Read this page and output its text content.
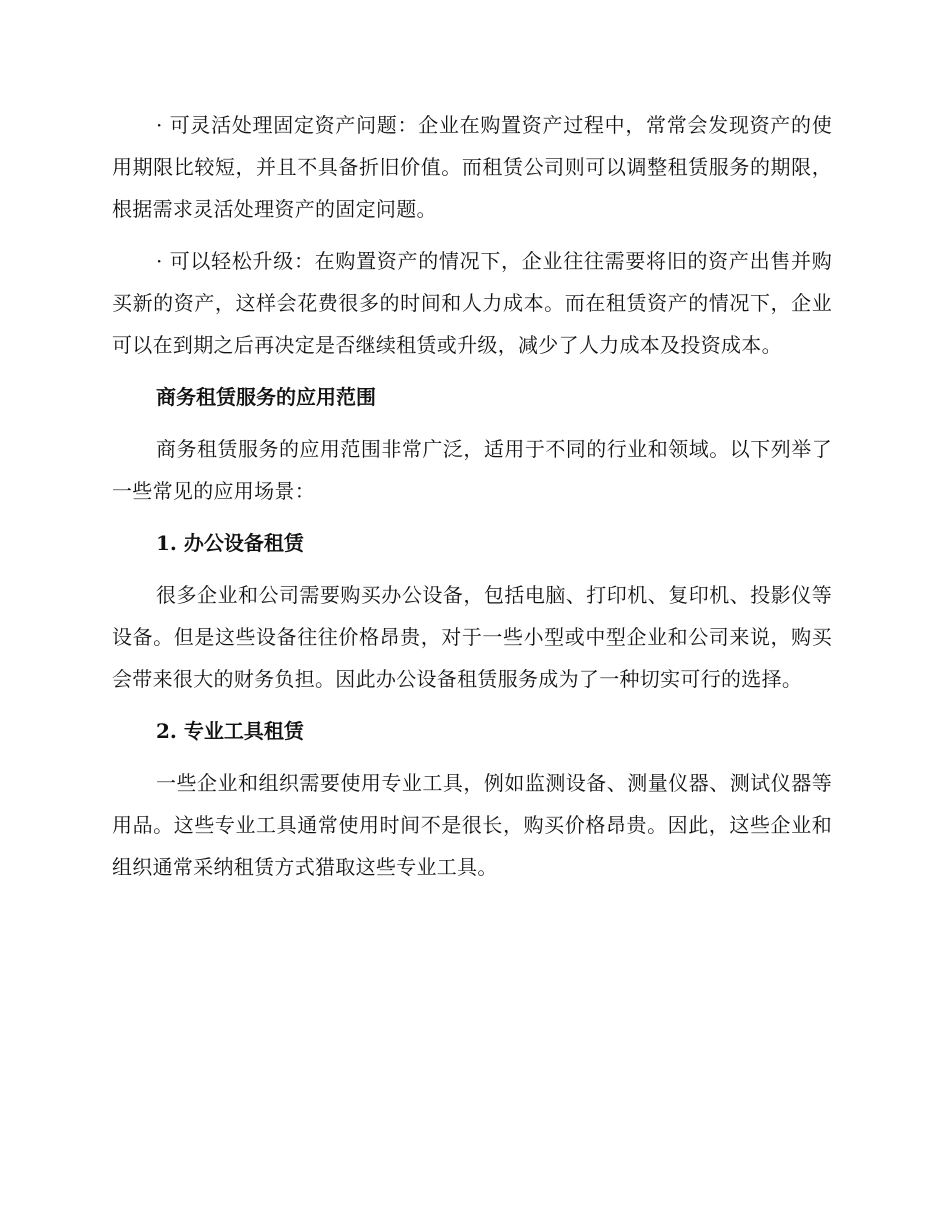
· 可灵活处理固定资产问题：企业在购置资产过程中，常常会发现资产的使用期限比较短，并且不具备折旧价值。而租赁公司则可以调整租赁服务的期限，根据需求灵活处理资产的固定问题。

· 可以轻松升级：在购置资产的情况下，企业往往需要将旧的资产出售并购买新的资产，这样会花费很多的时间和人力成本。而在租赁资产的情况下，企业可以在到期之后再决定是否继续租赁或升级，减少了人力成本及投资成本。

商务租赁服务的应用范围

商务租赁服务的应用范围非常广泛，适用于不同的行业和领域。以下列举了一些常见的应用场景：

1. 办公设备租赁

很多企业和公司需要购买办公设备，包括电脑、打印机、复印机、投影仪等设备。但是这些设备往往价格昂贵，对于一些小型或中型企业和公司来说，购买会带来很大的财务负担。因此办公设备租赁服务成为了一种切实可行的选择。

2. 专业工具租赁

一些企业和组织需要使用专业工具，例如监测设备、测量仪器、测试仪器等用品。这些专业工具通常使用时间不是很长，购买价格昂贵。因此，这些企业和组织通常采纳租赁方式猎取这些专业工具。
